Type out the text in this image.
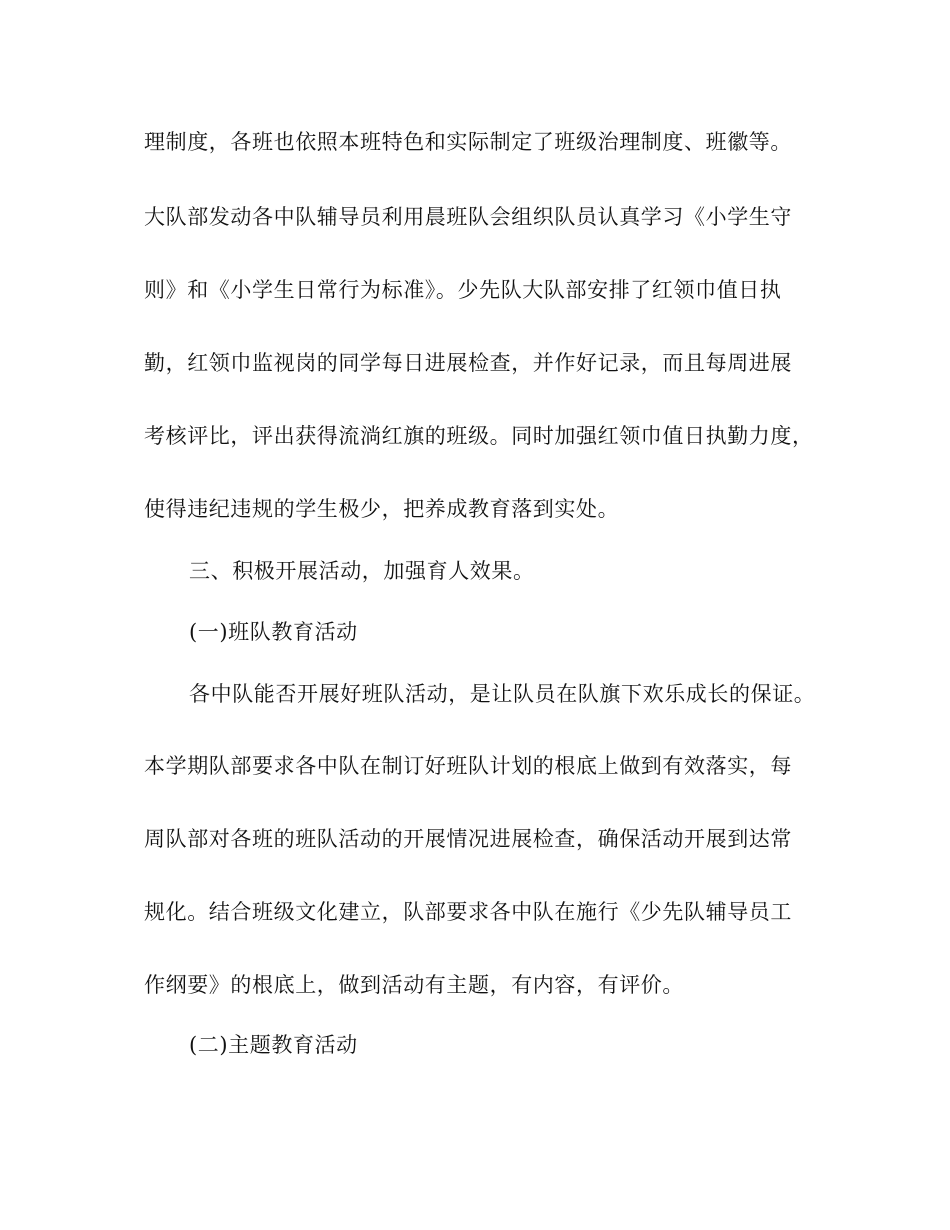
理制度，各班也依照本班特色和实际制定了班级治理制度、班徽等。
大队部发动各中队辅导员利用晨班队会组织队员认真学习《小学生守
则》和《小学生日常行为标准》。少先队大队部安排了红领巾值日执
勤，红领巾监视岗的同学每日进展检查，并作好记录，而且每周进展
考核评比，评出获得流淌红旗的班级。同时加强红领巾值日执勤力度，
使得违纪违规的学生极少，把养成教育落到实处。
三、积极开展活动，加强育人效果。
(一)班队教育活动
各中队能否开展好班队活动，是让队员在队旗下欢乐成长的保证。
本学期队部要求各中队在制订好班队计划的根底上做到有效落实，每
周队部对各班的班队活动的开展情况进展检查，确保活动开展到达常
规化。结合班级文化建立，队部要求各中队在施行《少先队辅导员工
作纲要》的根底上，做到活动有主题，有内容，有评价。
(二)主题教育活动
